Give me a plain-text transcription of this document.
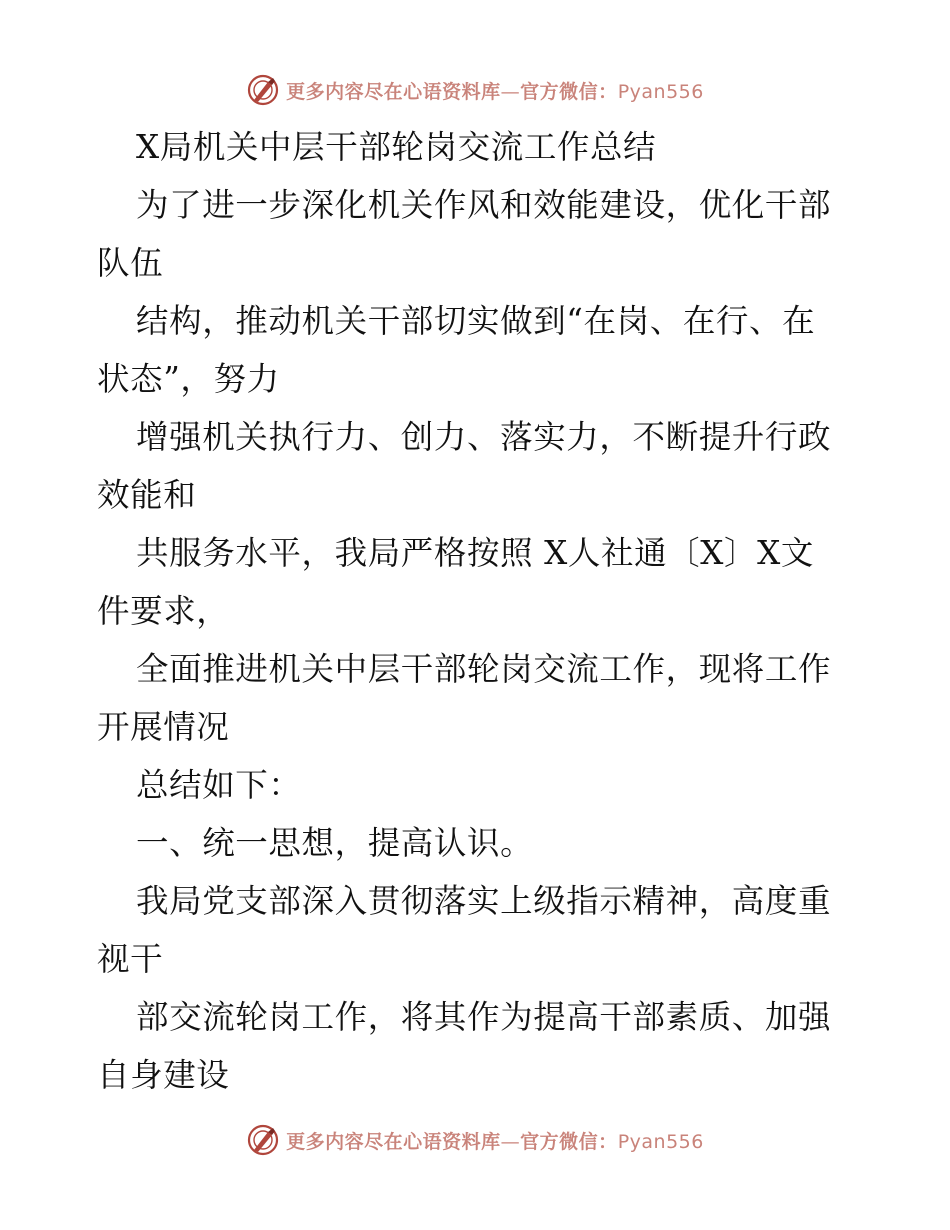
更多内容尽在心语资料库—官方微信：Pyan556
X局机关中层干部轮岗交流工作总结
为了进一步深化机关作风和效能建设，优化干部
队伍
结构，推动机关干部切实做到“在岗、在行、在
状态”，努力
增强机关执行力、创力、落实力，不断提升行政
效能和
共服务水平，我局严格按照 X人社通〔X〕X文
件要求，
全面推进机关中层干部轮岗交流工作，现将工作
开展情况
总结如下：
一、统一思想，提高认识。
我局党支部深入贯彻落实上级指示精神，高度重
视干
部交流轮岗工作，将其作为提高干部素质、加强
自身建设
更多内容尽在心语资料库—官方微信：Pyan556
